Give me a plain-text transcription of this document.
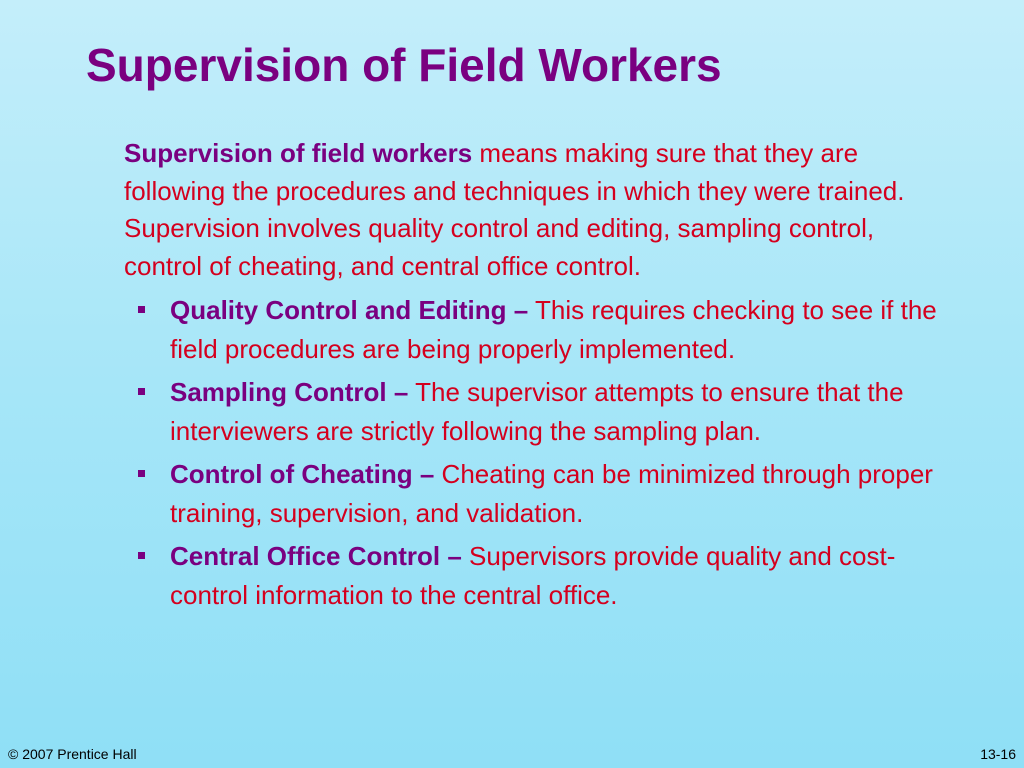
Supervision of Field Workers

Supervision of field workers means making sure that they are following the procedures and techniques in which they were trained. Supervision involves quality control and editing, sampling control, control of cheating, and central office control.

Quality Control and Editing – This requires checking to see if the field procedures are being properly implemented.
Sampling Control – The supervisor attempts to ensure that the interviewers are strictly following the sampling plan.
Control of Cheating – Cheating can be minimized through proper training, supervision, and validation.
Central Office Control – Supervisors provide quality and cost-control information to the central office.
© 2007 Prentice Hall	13-16
